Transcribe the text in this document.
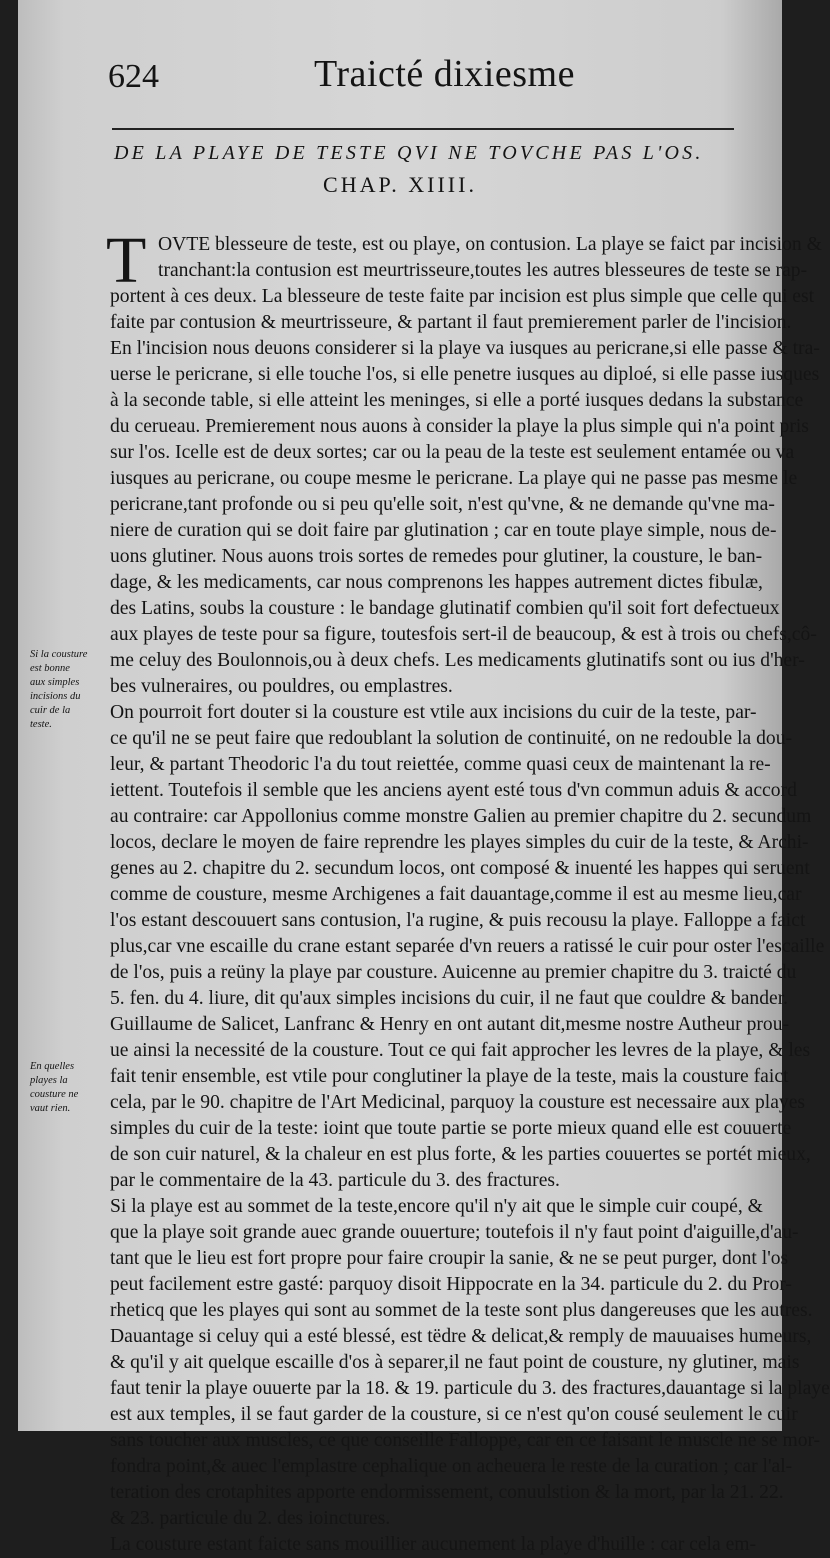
624	Traicté dixiesme
DE LA PLAYE DE TESTE QVI NE TOVCHE PAS L'OS.
CHAP. XIIII.
T OVTE blesseure de teste, est ou playe, on contusion. La playe se faict par incision &
tranchant:la contusion est meurtrisseure,toutes les autres blesseures de teste se rap-
portent à ces deux. La blesseure de teste faite par incision est plus simple que celle qui est
faite par contusion & meurtrisseure, & partant il faut premierement parler de l'incision.
En l'incision nous deuons considerer si la playe va iusques au pericrane,si elle passe & tra-
uerse le pericrane, si elle touche l'os, si elle penetre iusques au diploé, si elle passe iusques
à la seconde table, si elle atteint les meninges, si elle a porté iusques dedans la substance
du cerueau. Premierement nous auons à consider la playe la plus simple qui n'a point pris
sur l'os. Icelle est de deux sortes; car ou la peau de la teste est seulement entamée ou va
iusques au pericrane, ou coupe mesme le pericrane. La playe qui ne passe pas mesme le
pericrane,tant profonde ou si peu qu'elle soit, n'est qu'vne, & ne demande qu'vne ma-
niere de curation qui se doit faire par glutination ; car en toute playe simple, nous de-
uons glutiner. Nous auons trois sortes de remedes pour glutiner, la cousture, le ban-
dage, & les medicaments, car nous comprenons les happes autrement dictes fibulæ,
des Latins, soubs la cousture : le bandage glutinatif combien qu'il soit fort defectueux
aux playes de teste pour sa figure, toutesfois sert-il de beaucoup, & est à trois ou chefs,cô-
me celuy des Boulonnois,ou à deux chefs. Les medicaments glutinatifs sont ou ius d'her-
bes vulneraires, ou pouldres, ou emplastres.
On pourroit fort douter si la cousture est vtile aux incisions du cuir de la teste, par-
ce qu'il ne se peut faire que redoublant la solution de continuité, on ne redouble la dou-
leur, & partant Theodoric l'a du tout reiettée, comme quasi ceux de maintenant la re-
iettent. Toutefois il semble que les anciens ayent esté tous d'vn commun aduis & accord
au contraire: car Appollonius comme monstre Galien au premier chapitre du 2. secundum
locos, declare le moyen de faire reprendre les playes simples du cuir de la teste, & Archi-
genes au 2. chapitre du 2. secundum locos, ont composé & inuenté les happes qui seruent
comme de cousture, mesme Archigenes a fait dauantage,comme il est au mesme lieu,car
l'os estant descouuert sans contusion, l'a rugine, & puis recousu la playe. Falloppe a faict
plus,car vne escaille du crane estant separée d'vn reuers a ratissé le cuir pour oster l'escaille
de l'os, puis a reüny la playe par cousture. Auicenne au premier chapitre du 3. traicté du
5. fen. du 4. liure, dit qu'aux simples incisions du cuir, il ne faut que couldre & bander.
Guillaume de Salicet, Lanfranc & Henry en ont autant dit,mesme nostre Autheur prou-
ue ainsi la necessité de la cousture. Tout ce qui fait approcher les levres de la playe, & les
fait tenir ensemble, est vtile pour conglutiner la playe de la teste, mais la cousture faict
cela, par le 90. chapitre de l'Art Medicinal, parquoy la cousture est necessaire aux playes
simples du cuir de la teste: ioint que toute partie se porte mieux quand elle est couuerte
de son cuir naturel, & la chaleur en est plus forte, & les parties couuertes se portét mieux,
par le commentaire de la 43. particule du 3. des fractures.
Si la playe est au sommet de la teste,encore qu'il n'y ait que le simple cuir coupé, &
que la playe soit grande auec grande ouuerture; toutefois il n'y faut point d'aiguille,d'au-
tant que le lieu est fort propre pour faire croupir la sanie, & ne se peut purger, dont l'os
peut facilement estre gasté: parquoy disoit Hippocrate en la 34. particule du 2. du Pror-
rheticq que les playes qui sont au sommet de la teste sont plus dangereuses que les autres.
Dauantage si celuy qui a esté blessé, est tëdre & delicat,& remply de mauuaises humeurs,
& qu'il y ait quelque escaille d'os à separer,il ne faut point de cousture, ny glutiner, mais
faut tenir la playe ouuerte par la 18. & 19. particule du 3. des fractures,dauantage si la playe
est aux temples, il se faut garder de la cousture, si ce n'est qu'on cousé seulement le cuir
sans toucher aux muscles, ce que conseille Falloppe, car en ce faisant le muscle ne se mor-
fondra point,& auec l'emplastre cephalique on acheuera le reste de la curation ; car l'al-
teration des crotaphites apporte endormissement, conuulstion & la mort, par la 21. 22.
& 23. particule du 2. des ioinctures.
La cousture estant faicte sans mouillier aucunement la playe d'huille : car cela em-
Si la cousture
est bonne
aux simples
incisions du
cuir de la
teste.
En quelles
playes la
cousture ne
vaut rien.
